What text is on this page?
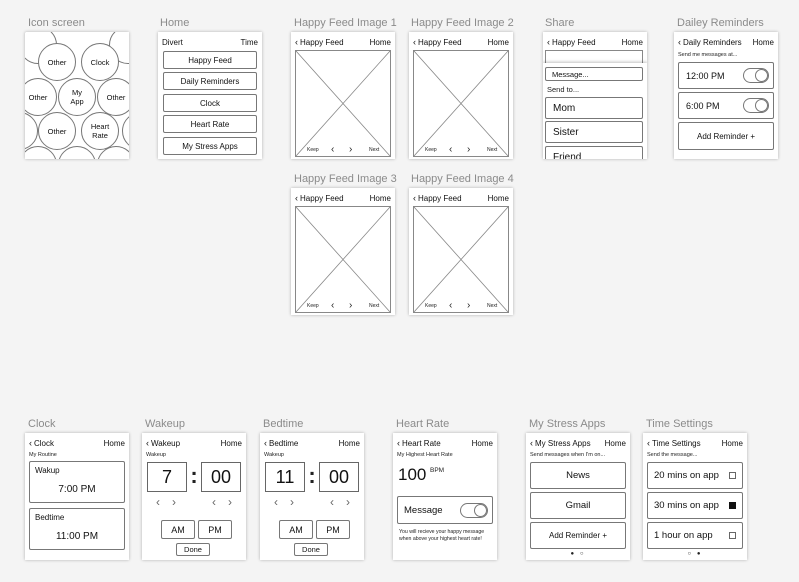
Icon screen
Other	Clock
Other	My App	Other
Other	Heart Rate
Home
Divert	Time
Happy Feed
Daily Reminders
Clock
Heart Rate
My Stress Apps
Happy Feed Image 1
‹ Happy Feed	Home
Keep ‹ ›	Next
Happy Feed Image 2
‹ Happy Feed	Home
Keep ‹ ›	Next
Share
‹ Happy Feed	Home
Message...
Send to...
Mom
Sister
Friend
Dailey Reminders
‹ Daily Reminders Home
Send me messages at...
12:00 PM
6:00 PM
Add Reminder +
Happy Feed Image 3
‹ Happy Feed	Home
Keep ‹ ›	Next
Happy Feed Image 4
‹ Happy Feed	Home
Keep ‹ ›	Next
Clock
‹ Clock	Home
My Routine
Wakup
7:00 PM
Bedtime
11:00 PM
Wakeup
‹ Wakeup	Home
Wakeup
7 : 00
‹ ›	‹ ›
AM	PM
Done
Bedtime
‹ Bedtime	Home
Wakeup
11 : 00
‹ ›	‹ ›
AM	PM
Done
Heart Rate
‹ Heart Rate	Home
My Highest Heart Rate
100 BPM
Message
You will recieve your happy message when above your highest heart rate!
My Stress Apps
‹ My Stress Apps Home
Send messages when I'm on...
News
Gmail
Add Reminder +
● ○
Time Settings
‹ Time Settings	Home
Send the message...
20 mins on app
30 mins on app
1 hour on app
○ ●
